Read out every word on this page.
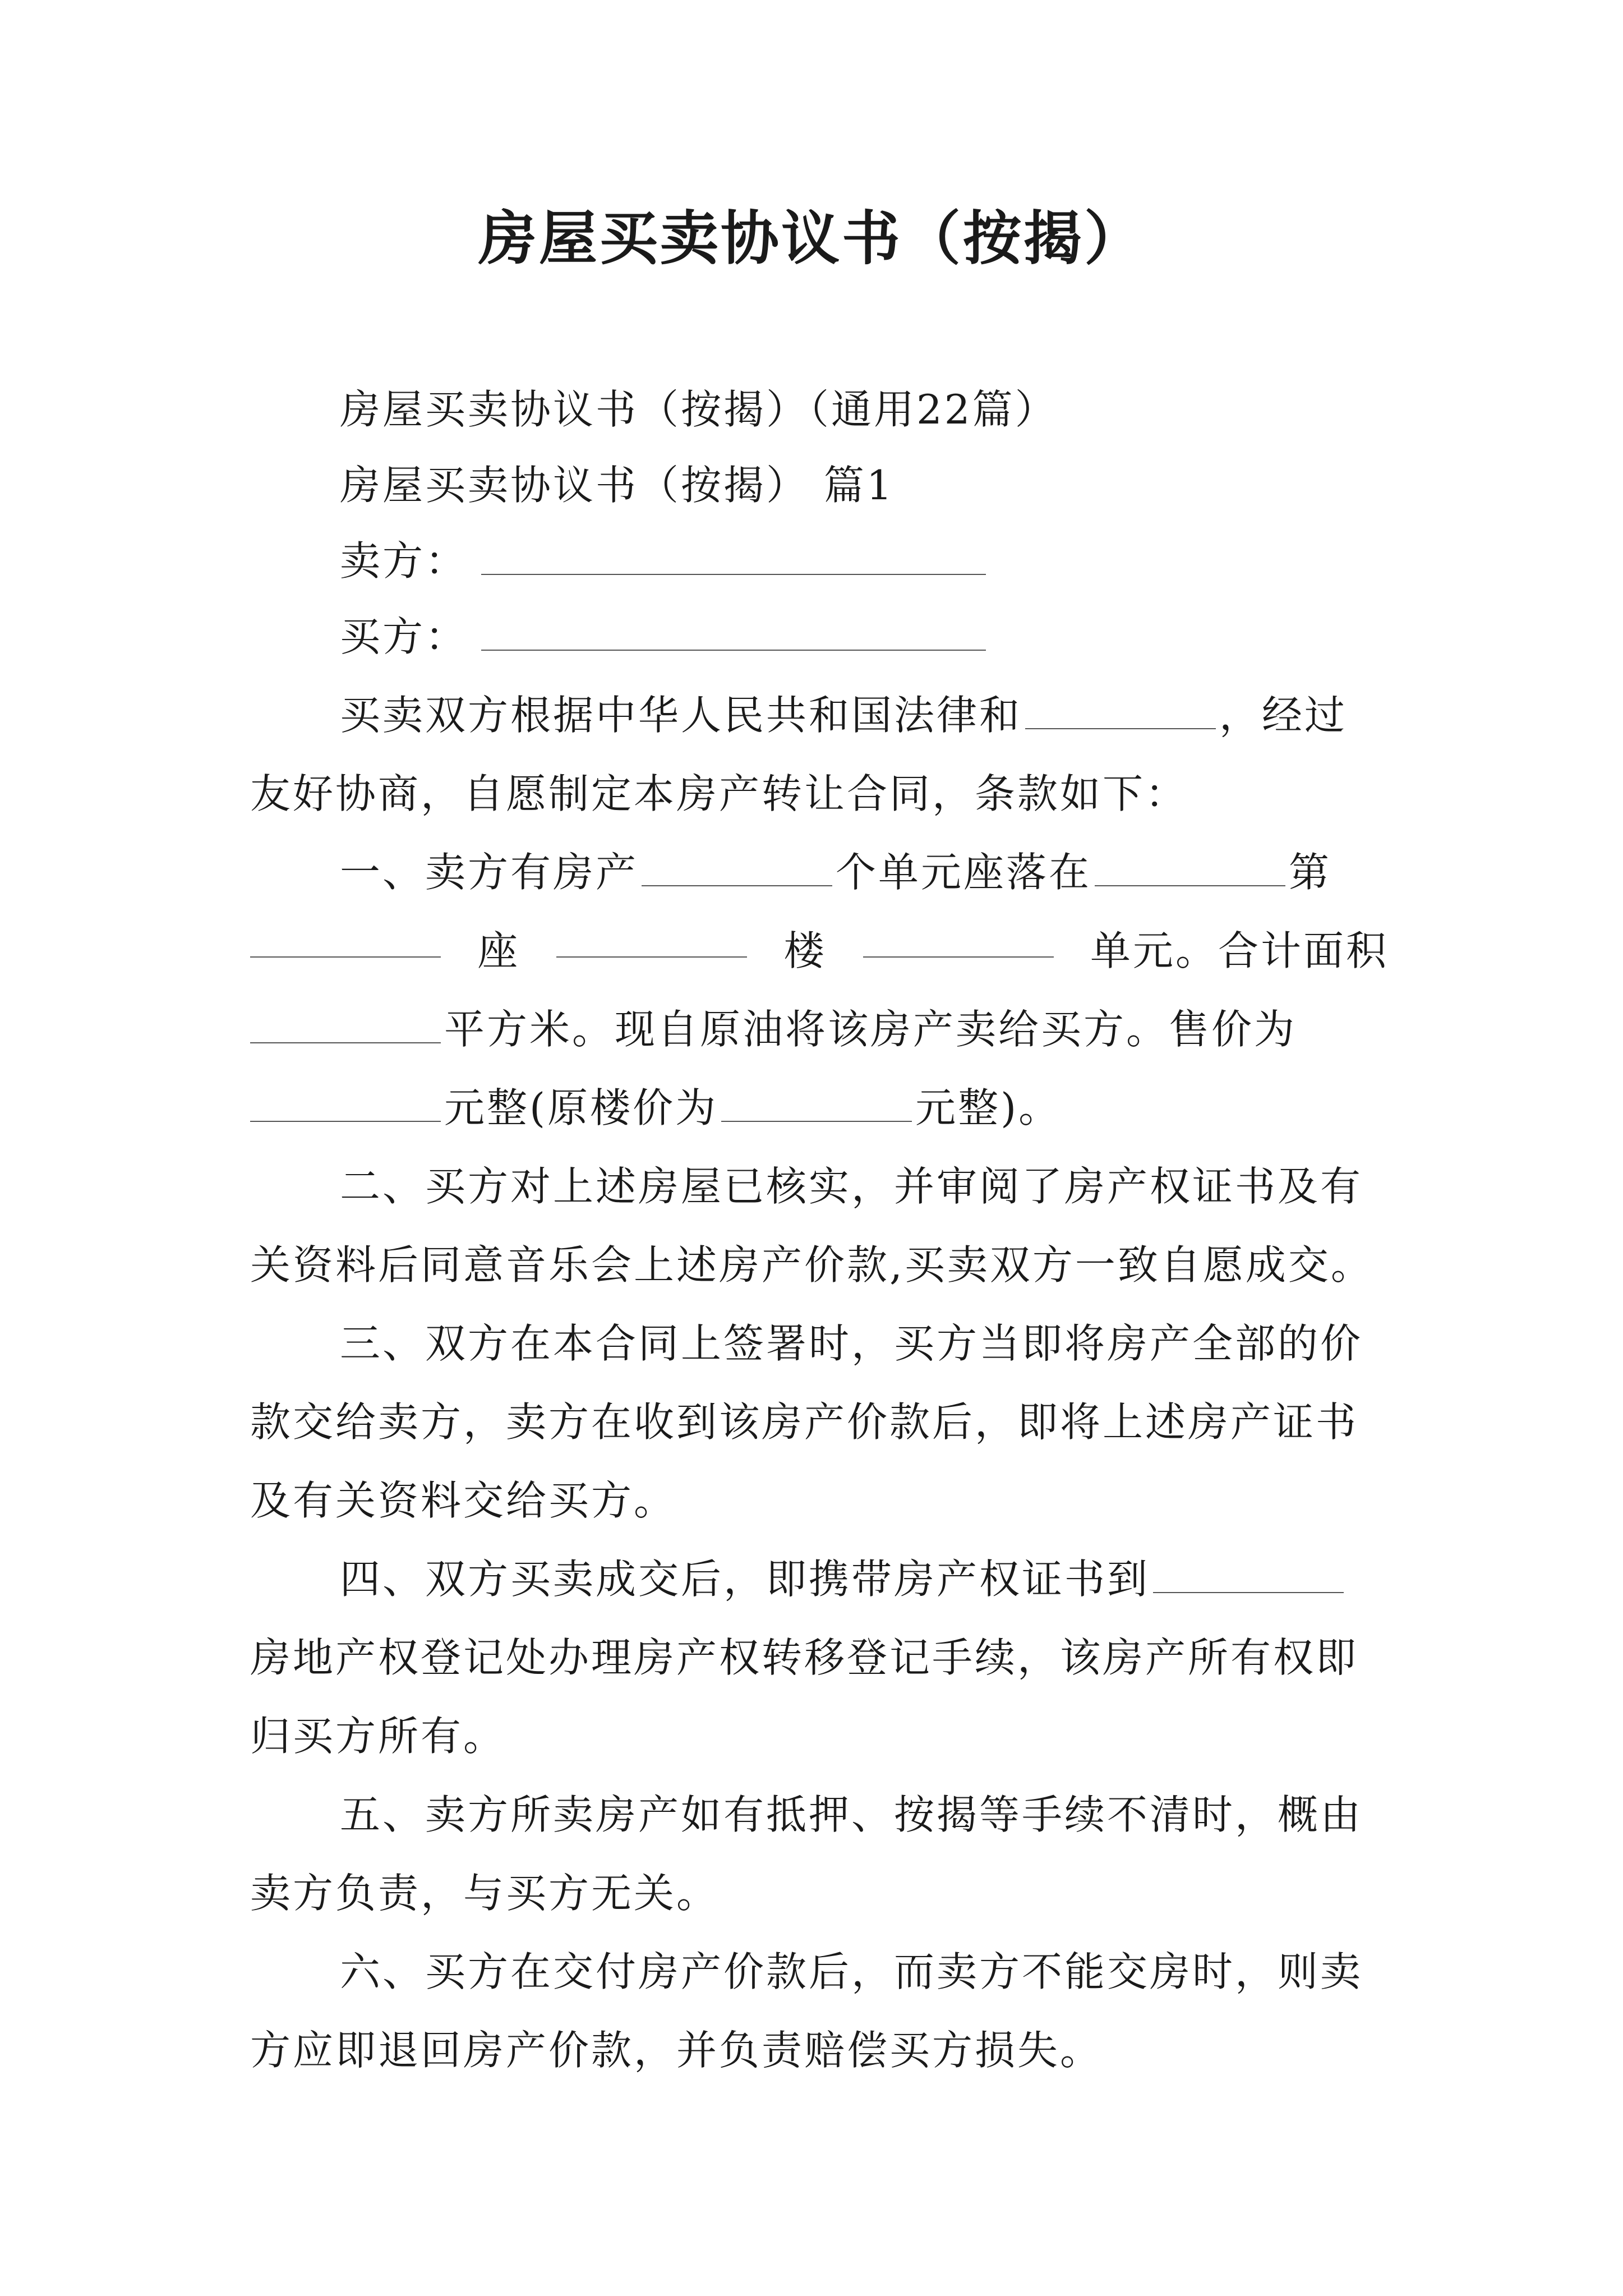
房屋买卖协议书（按揭）
房屋买卖协议书（按揭）（通用22篇）
房屋买卖协议书（按揭） 篇1
卖方：
买方：
买卖双方根据中华人民共和国法律和	，经过
友好协商，自愿制定本房产转让合同，条款如下：
一、卖方有房产	个单元座落在	第
座	楼	单元。合计面积
平方米。现自原油将该房产卖给买方。售价为
元整(原楼价为	元整)。
二、买方对上述房屋已核实，并审阅了房产权证书及有
关资料后同意音乐会上述房产价款,买卖双方一致自愿成交。
三、双方在本合同上签署时，买方当即将房产全部的价
款交给卖方，卖方在收到该房产价款后，即将上述房产证书
及有关资料交给买方。
四、双方买卖成交后，即携带房产权证书到
房地产权登记处办理房产权转移登记手续，该房产所有权即
归买方所有。
五、卖方所卖房产如有抵押、按揭等手续不清时，概由
卖方负责，与买方无关。
六、买方在交付房产价款后，而卖方不能交房时，则卖
方应即退回房产价款，并负责赔偿买方损失。
